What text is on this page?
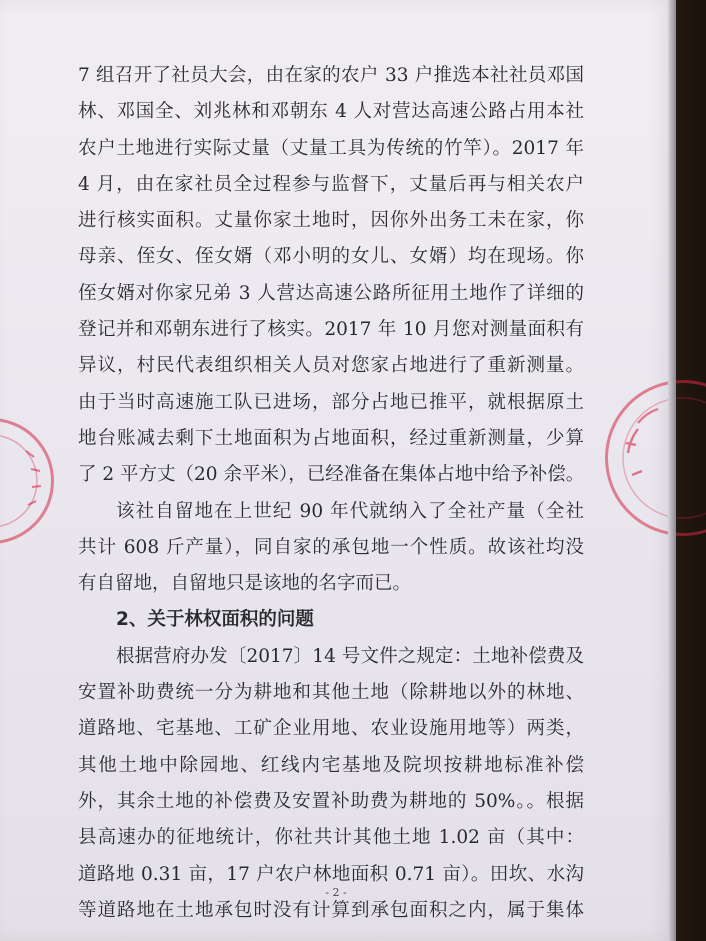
7 组召开了社员大会，由在家的农户 33 户推选本社社员邓国
林、邓国全、刘兆林和邓朝东 4 人对营达高速公路占用本社
农户土地进行实际丈量（丈量工具为传统的竹竿）。2017 年
4 月，由在家社员全过程参与监督下，丈量后再与相关农户
进行核实面积。丈量你家土地时，因你外出务工未在家，你
母亲、侄女、侄女婿（邓小明的女儿、女婿）均在现场。你
侄女婿对你家兄弟 3 人营达高速公路所征用土地作了详细的
登记并和邓朝东进行了核实。2017 年 10 月您对测量面积有
异议，村民代表组织相关人员对您家占地进行了重新测量。
由于当时高速施工队已进场，部分占地已推平，就根据原土
地台账减去剩下土地面积为占地面积，经过重新测量，少算
了 2 平方丈（20 余平米），已经准备在集体占地中给予补偿。
该社自留地在上世纪 90 年代就纳入了全社产量（全社
共计 608 斤产量），同自家的承包地一个性质。故该社均没
有自留地，自留地只是该地的名字而已。
2、关于林权面积的问题
根据营府办发〔2017〕14 号文件之规定：土地补偿费及
安置补助费统一分为耕地和其他土地（除耕地以外的林地、
道路地、宅基地、工矿企业用地、农业设施用地等）两类，
其他土地中除园地、红线内宅基地及院坝按耕地标准补偿
外，其余土地的补偿费及安置补助费为耕地的 50%。。根据
县高速办的征地统计，你社共计其他土地 1.02 亩（其中：
道路地 0.31 亩，17 户农户林地面积 0.71 亩）。田坎、水沟
等道路地在土地承包时没有计算到承包面积之内，属于集体
- 2 -
